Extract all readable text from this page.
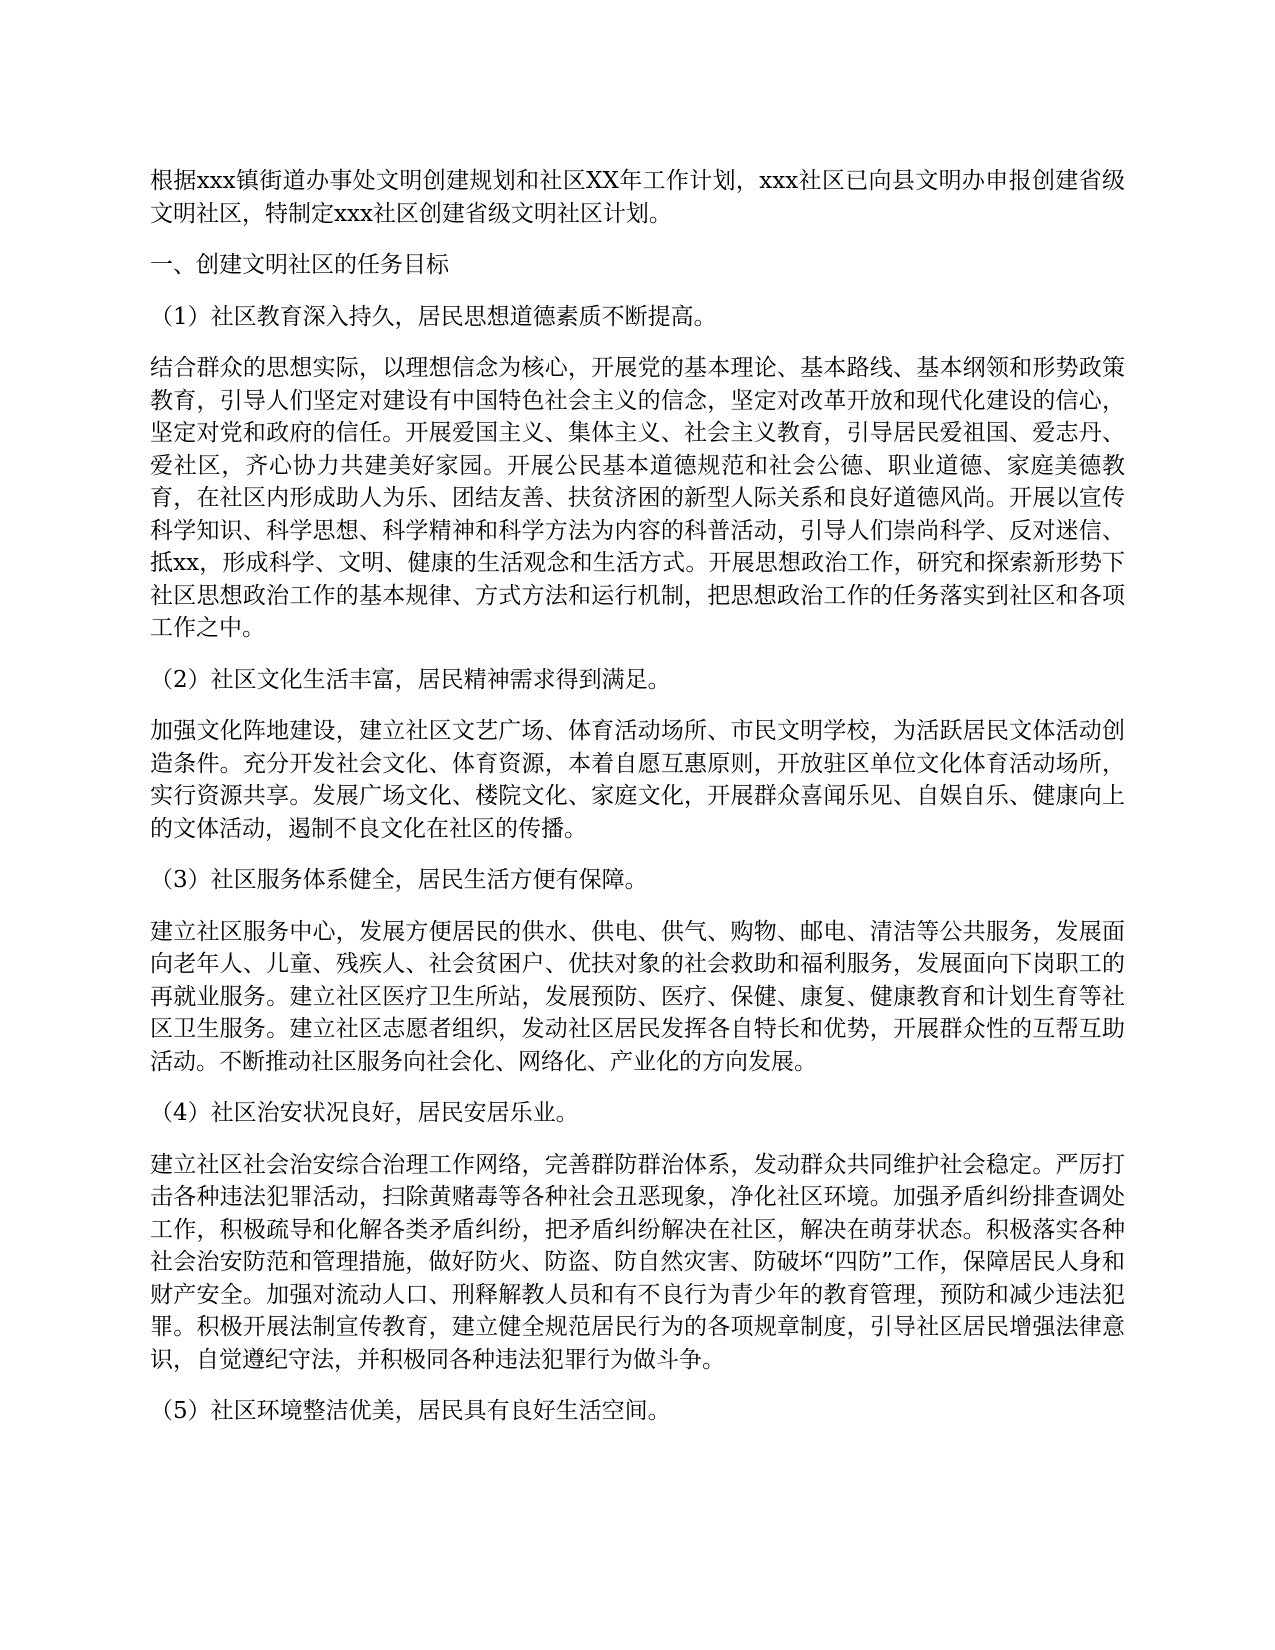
根据xxx镇街道办事处文明创建规划和社区XX年工作计划，xxx社区已向县文明办申报创建省级文明社区，特制定xxx社区创建省级文明社区计划。

一、创建文明社区的任务目标

（1）社区教育深入持久，居民思想道德素质不断提高。

结合群众的思想实际，以理想信念为核心，开展党的基本理论、基本路线、基本纲领和形势政策教育，引导人们坚定对建设有中国特色社会主义的信念，坚定对改革开放和现代化建设的信心，坚定对党和政府的信任。开展爱国主义、集体主义、社会主义教育，引导居民爱祖国、爱志丹、爱社区，齐心协力共建美好家园。开展公民基本道德规范和社会公德、职业道德、家庭美德教育，在社区内形成助人为乐、团结友善、扶贫济困的新型人际关系和良好道德风尚。开展以宣传科学知识、科学思想、科学精神和科学方法为内容的科普活动，引导人们崇尚科学、反对迷信、抵xx，形成科学、文明、健康的生活观念和生活方式。开展思想政治工作，研究和探索新形势下社区思想政治工作的基本规律、方式方法和运行机制，把思想政治工作的任务落实到社区和各项工作之中。

（2）社区文化生活丰富，居民精神需求得到满足。

加强文化阵地建设，建立社区文艺广场、体育活动场所、市民文明学校，为活跃居民文体活动创造条件。充分开发社会文化、体育资源，本着自愿互惠原则，开放驻区单位文化体育活动场所，实行资源共享。发展广场文化、楼院文化、家庭文化，开展群众喜闻乐见、自娱自乐、健康向上的文体活动，遏制不良文化在社区的传播。

（3）社区服务体系健全，居民生活方便有保障。

建立社区服务中心，发展方便居民的供水、供电、供气、购物、邮电、清洁等公共服务，发展面向老年人、儿童、残疾人、社会贫困户、优扶对象的社会救助和福利服务，发展面向下岗职工的再就业服务。建立社区医疗卫生所站，发展预防、医疗、保健、康复、健康教育和计划生育等社区卫生服务。建立社区志愿者组织，发动社区居民发挥各自特长和优势，开展群众性的互帮互助活动。不断推动社区服务向社会化、网络化、产业化的方向发展。

（4）社区治安状况良好，居民安居乐业。

建立社区社会治安综合治理工作网络，完善群防群治体系，发动群众共同维护社会稳定。严厉打击各种违法犯罪活动，扫除黄赌毒等各种社会丑恶现象，净化社区环境。加强矛盾纠纷排查调处工作，积极疏导和化解各类矛盾纠纷，把矛盾纠纷解决在社区，解决在萌芽状态。积极落实各种社会治安防范和管理措施，做好防火、防盗、防自然灾害、防破坏“四防”工作，保障居民人身和财产安全。加强对流动人口、刑释解教人员和有不良行为青少年的教育管理，预防和减少违法犯罪。积极开展法制宣传教育，建立健全规范居民行为的各项规章制度，引导社区居民增强法律意识，自觉遵纪守法，并积极同各种违法犯罪行为做斗争。

（5）社区环境整洁优美，居民具有良好生活空间。
